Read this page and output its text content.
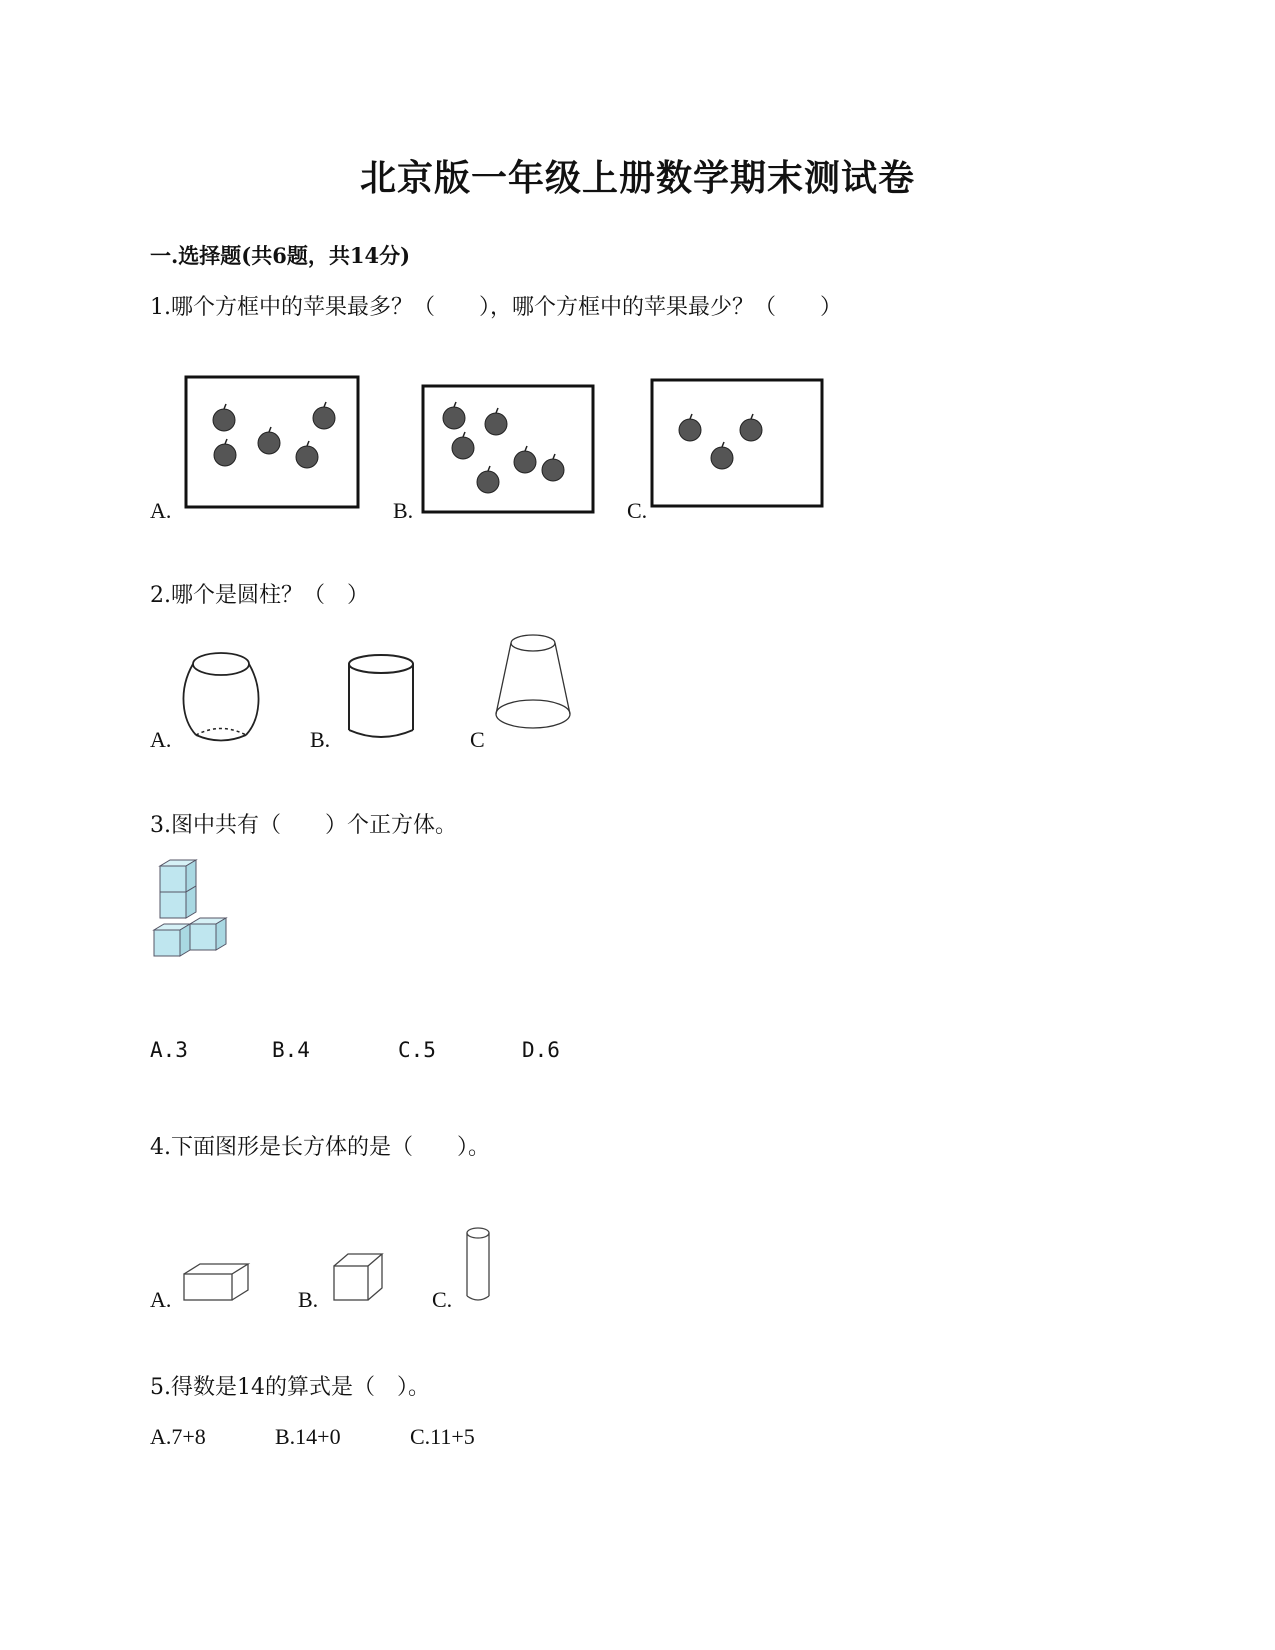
北京版一年级上册数学期末测试卷
一.选择题(共6题，共14分)
1.哪个方框中的苹果最多？（　　），哪个方框中的苹果最少？（　　）
A.	B.	C.
2.哪个是圆柱？（　）
A.	B.	C
3.图中共有（　　）个正方体。
A.3	B.4	C.5	D.6
4.下面图形是长方体的是（　　）。
A.	B.	C.
5.得数是14的算式是（　）。
A.7+8	B.14+0	C.11+5
